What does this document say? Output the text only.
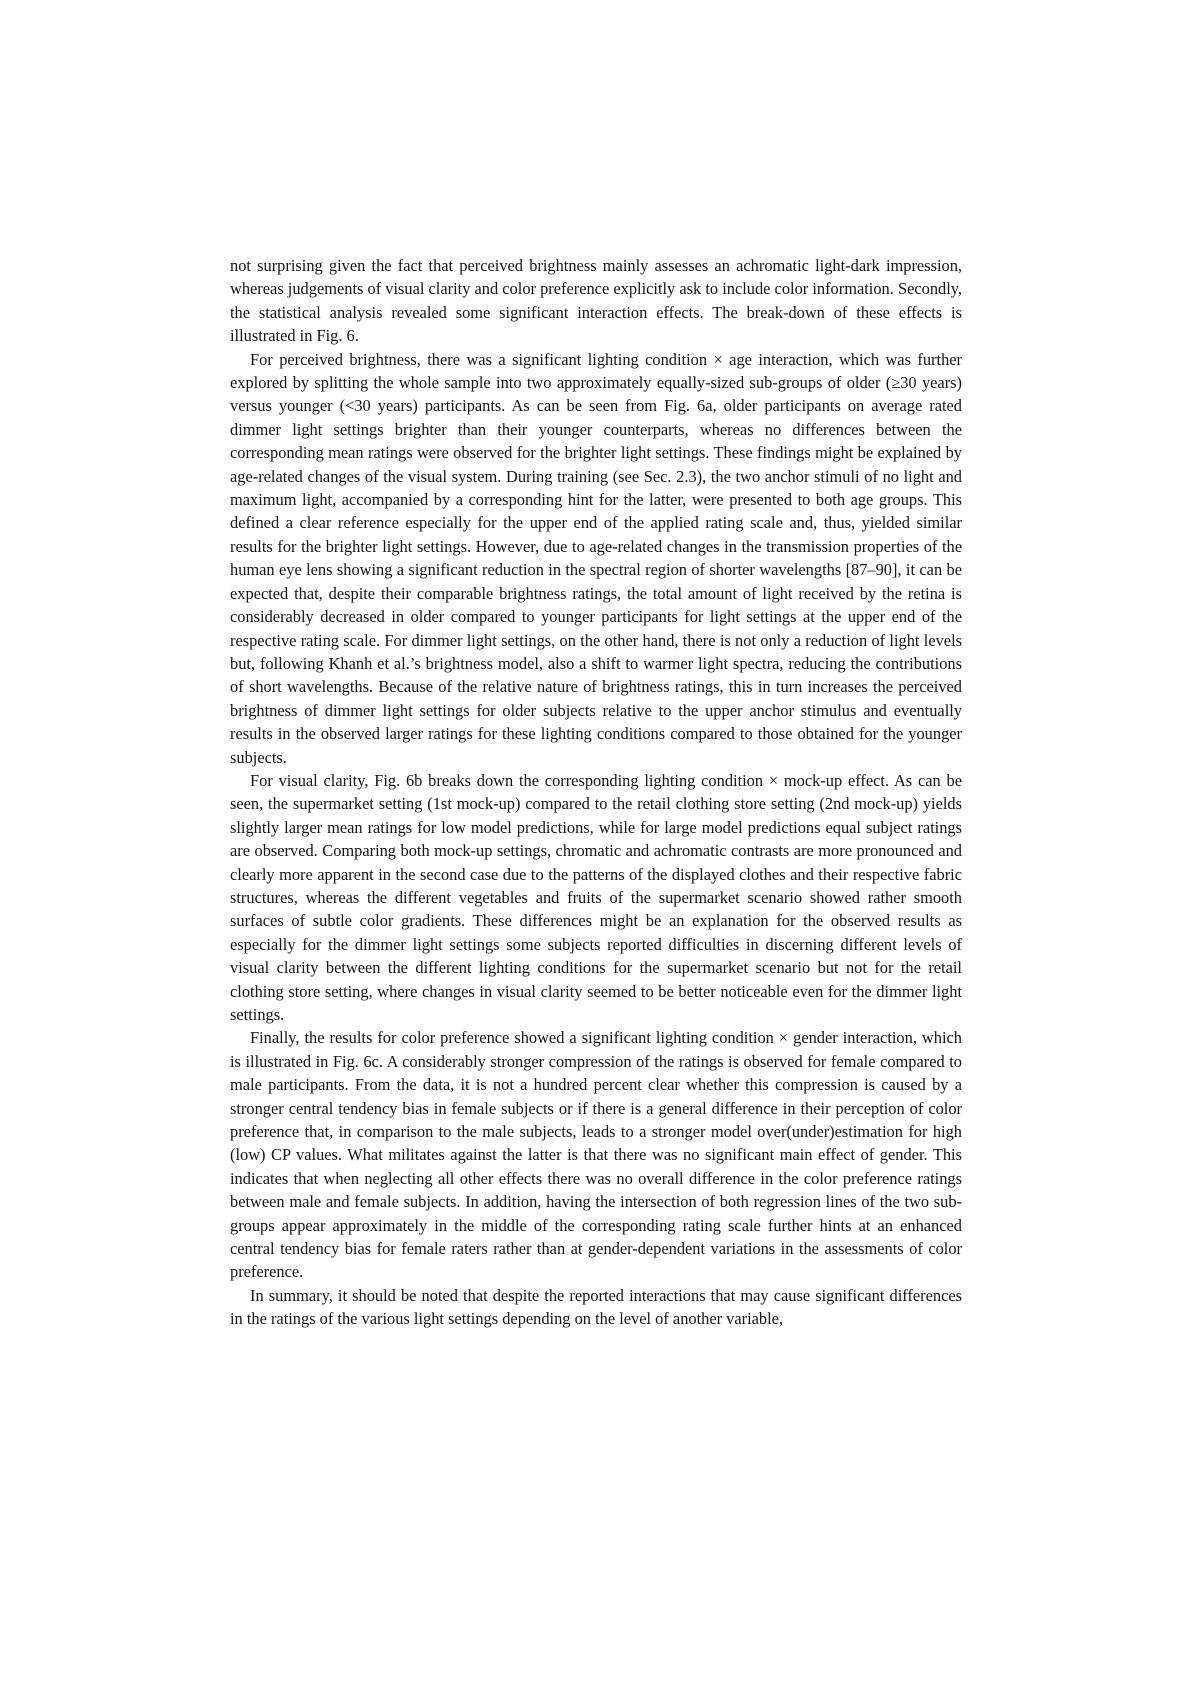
not surprising given the fact that perceived brightness mainly assesses an achromatic light-dark impression, whereas judgements of visual clarity and color preference explicitly ask to include color information. Secondly, the statistical analysis revealed some significant interaction effects. The break-down of these effects is illustrated in Fig. 6.

For perceived brightness, there was a significant lighting condition × age interaction, which was further explored by splitting the whole sample into two approximately equally-sized sub-groups of older (≥30 years) versus younger (<30 years) participants. As can be seen from Fig. 6a, older participants on average rated dimmer light settings brighter than their younger counterparts, whereas no differences between the corresponding mean ratings were observed for the brighter light settings. These findings might be explained by age-related changes of the visual system. During training (see Sec. 2.3), the two anchor stimuli of no light and maximum light, accompanied by a corresponding hint for the latter, were presented to both age groups. This defined a clear reference especially for the upper end of the applied rating scale and, thus, yielded similar results for the brighter light settings. However, due to age-related changes in the transmission properties of the human eye lens showing a significant reduction in the spectral region of shorter wavelengths [87–90], it can be expected that, despite their comparable brightness ratings, the total amount of light received by the retina is considerably decreased in older compared to younger participants for light settings at the upper end of the respective rating scale. For dimmer light settings, on the other hand, there is not only a reduction of light levels but, following Khanh et al.’s brightness model, also a shift to warmer light spectra, reducing the contributions of short wavelengths. Because of the relative nature of brightness ratings, this in turn increases the perceived brightness of dimmer light settings for older subjects relative to the upper anchor stimulus and eventually results in the observed larger ratings for these lighting conditions compared to those obtained for the younger subjects.

For visual clarity, Fig. 6b breaks down the corresponding lighting condition × mock-up effect. As can be seen, the supermarket setting (1st mock-up) compared to the retail clothing store setting (2nd mock-up) yields slightly larger mean ratings for low model predictions, while for large model predictions equal subject ratings are observed. Comparing both mock-up settings, chromatic and achromatic contrasts are more pronounced and clearly more apparent in the second case due to the patterns of the displayed clothes and their respective fabric structures, whereas the different vegetables and fruits of the supermarket scenario showed rather smooth surfaces of subtle color gradients. These differences might be an explanation for the observed results as especially for the dimmer light settings some subjects reported difficulties in discerning different levels of visual clarity between the different lighting conditions for the supermarket scenario but not for the retail clothing store setting, where changes in visual clarity seemed to be better noticeable even for the dimmer light settings.

Finally, the results for color preference showed a significant lighting condition × gender interaction, which is illustrated in Fig. 6c. A considerably stronger compression of the ratings is observed for female compared to male participants. From the data, it is not a hundred percent clear whether this compression is caused by a stronger central tendency bias in female subjects or if there is a general difference in their perception of color preference that, in comparison to the male subjects, leads to a stronger model over(under)estimation for high (low) CP values. What militates against the latter is that there was no significant main effect of gender. This indicates that when neglecting all other effects there was no overall difference in the color preference ratings between male and female subjects. In addition, having the intersection of both regression lines of the two sub-groups appear approximately in the middle of the corresponding rating scale further hints at an enhanced central tendency bias for female raters rather than at gender-dependent variations in the assessments of color preference.

In summary, it should be noted that despite the reported interactions that may cause significant differences in the ratings of the various light settings depending on the level of another variable,
